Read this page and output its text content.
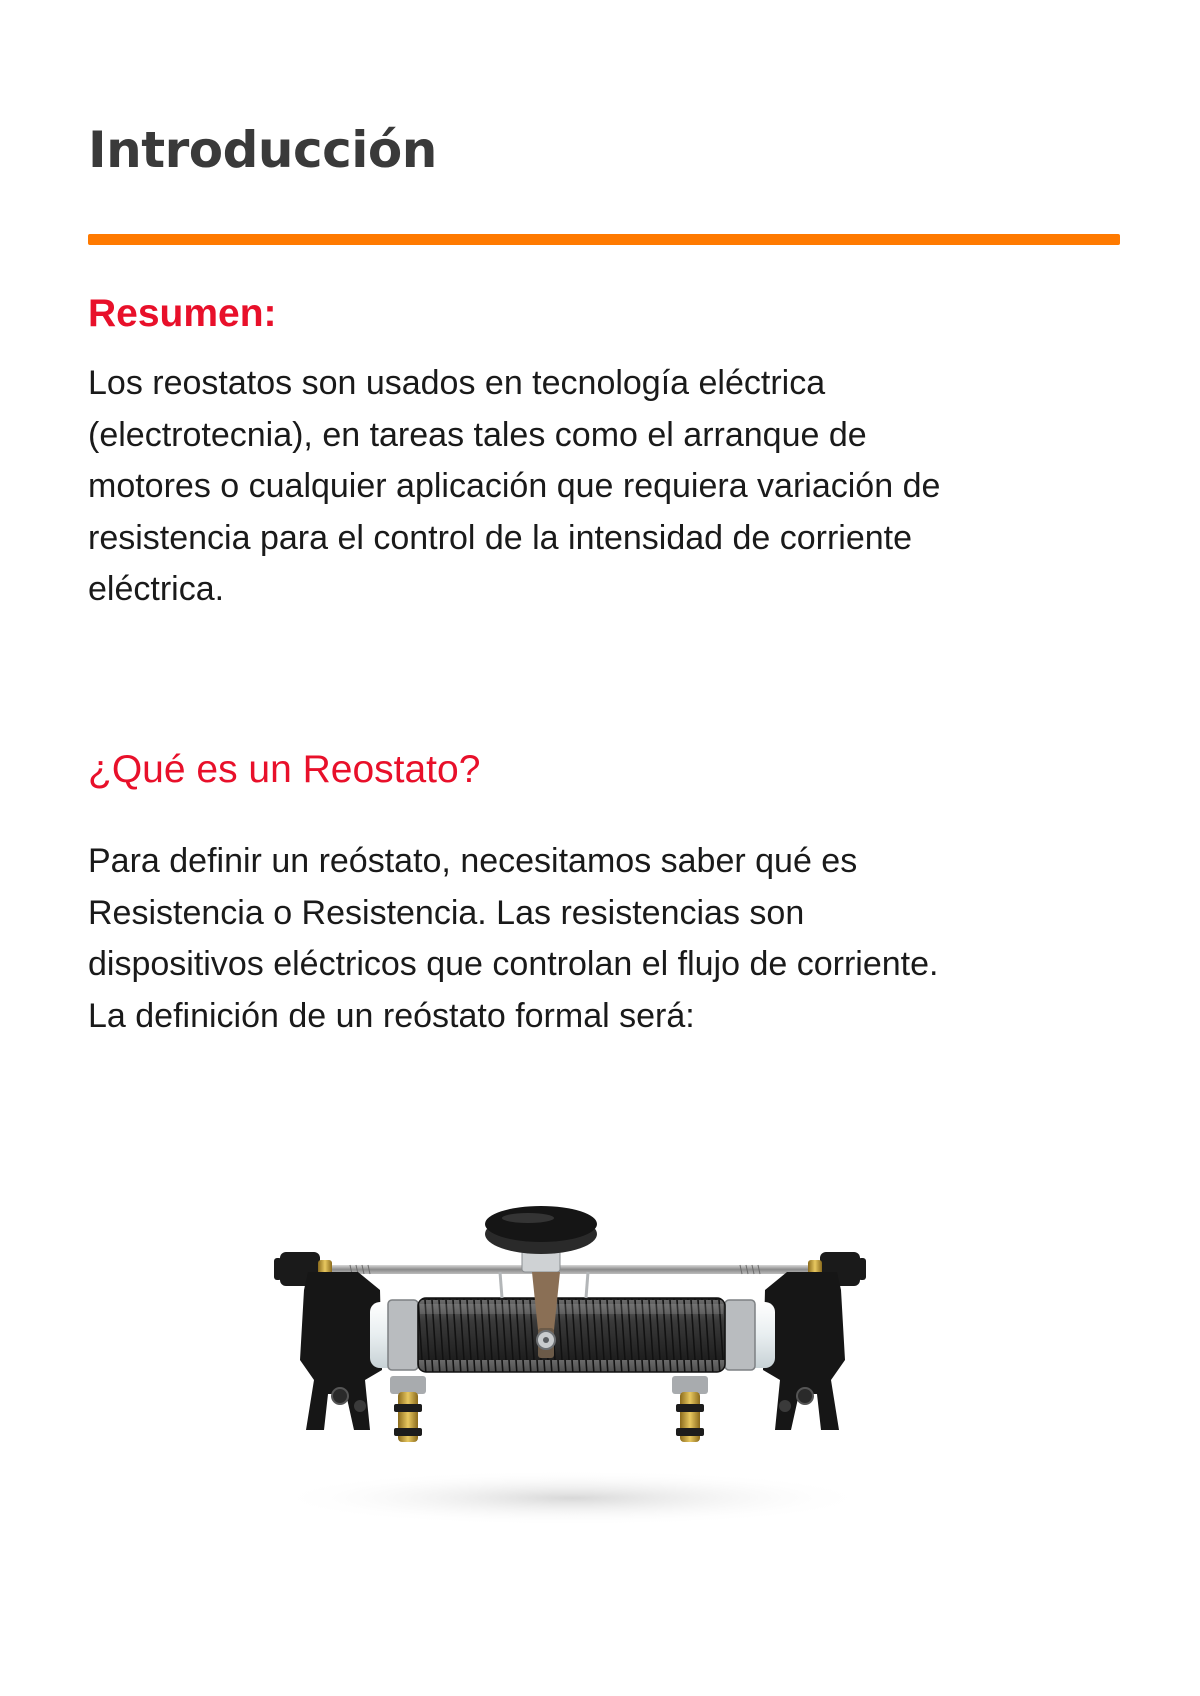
Introducción
Resumen:

Los reostatos son usados en tecnología eléctrica
(electrotecnia), en tareas tales como el arranque de
motores o cualquier aplicación que requiera variación de
resistencia para el control de la intensidad de corriente
eléctrica.

¿Qué es un Reostato?

Para definir un reóstato, necesitamos saber qué es
Resistencia o Resistencia. Las resistencias son
dispositivos eléctricos que controlan el flujo de corriente.
La definición de un reóstato formal será:
